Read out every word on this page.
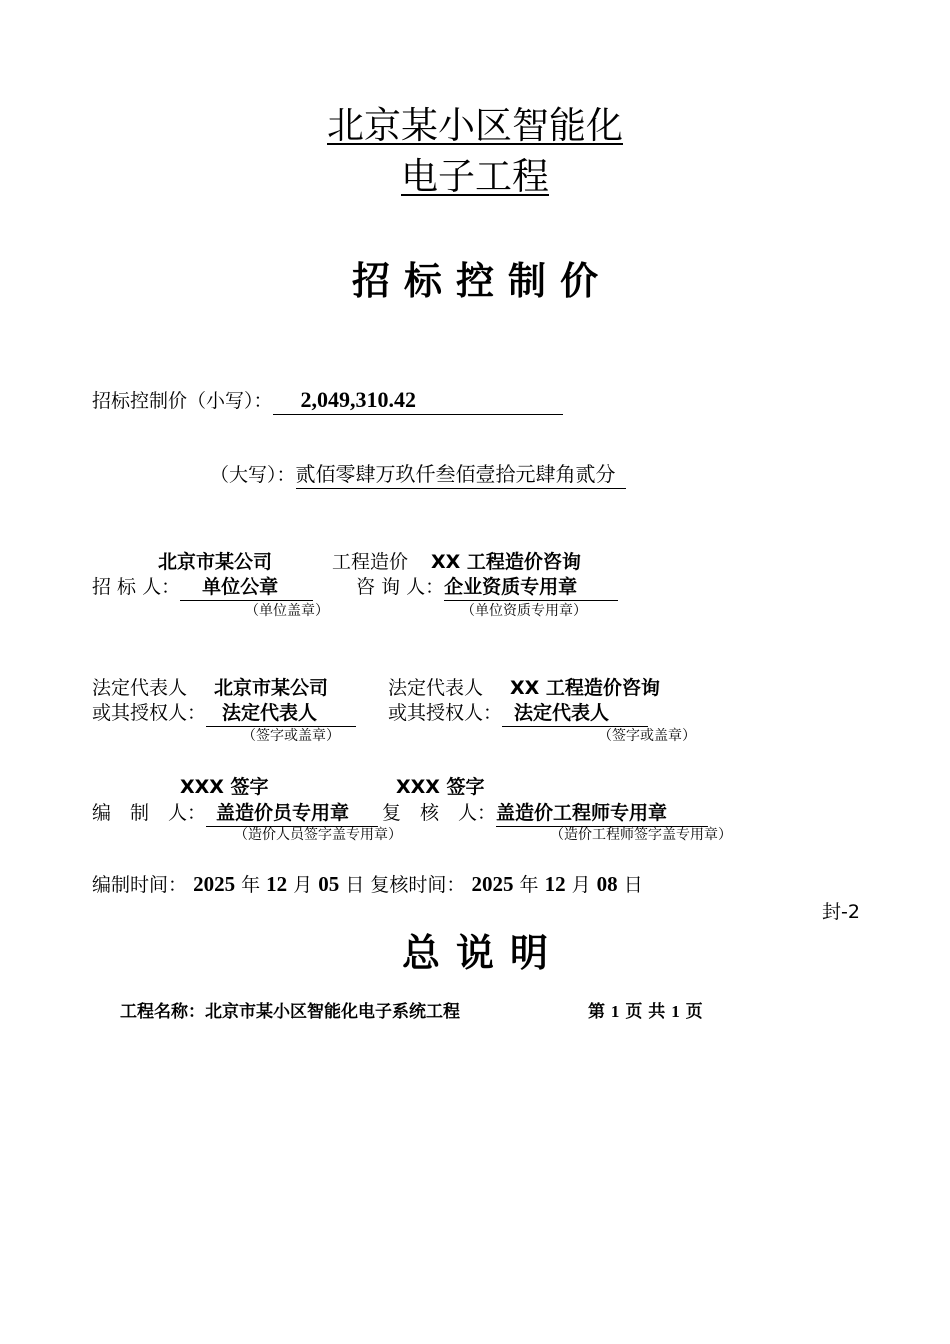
北京某小区智能化
电子工程
招标控制价
招标控制价（小写）： 2,049,310.42
（大写）：贰佰零肆万玖仟叁佰壹拾元肆角贰分
北京市某公司	工程造价 XX 工程造价咨询
招 标 人： 单位公章	咨 询 人：企业资质专用章
（单位盖章）	（单位资质专用章）
法定代表人 北京市某公司	法定代表人 XX 工程造价咨询
或其授权人： 法定代表人	或其授权人： 法定代表人
（签字或盖章）	（签字或盖章）
XXX 签字	XXX 签字
编　制　人： 盖造价员专用章	复　核　人：盖造价工程师专用章
（造价人员签字盖专用章）	（造价工程师签字盖专用章）
编制时间： 2025 年 12 月 05 日 复核时间： 2025 年 12 月 08 日
封-2
总说明
工程名称：北京市某小区智能化电子系统工程	第 1 页 共 1 页
